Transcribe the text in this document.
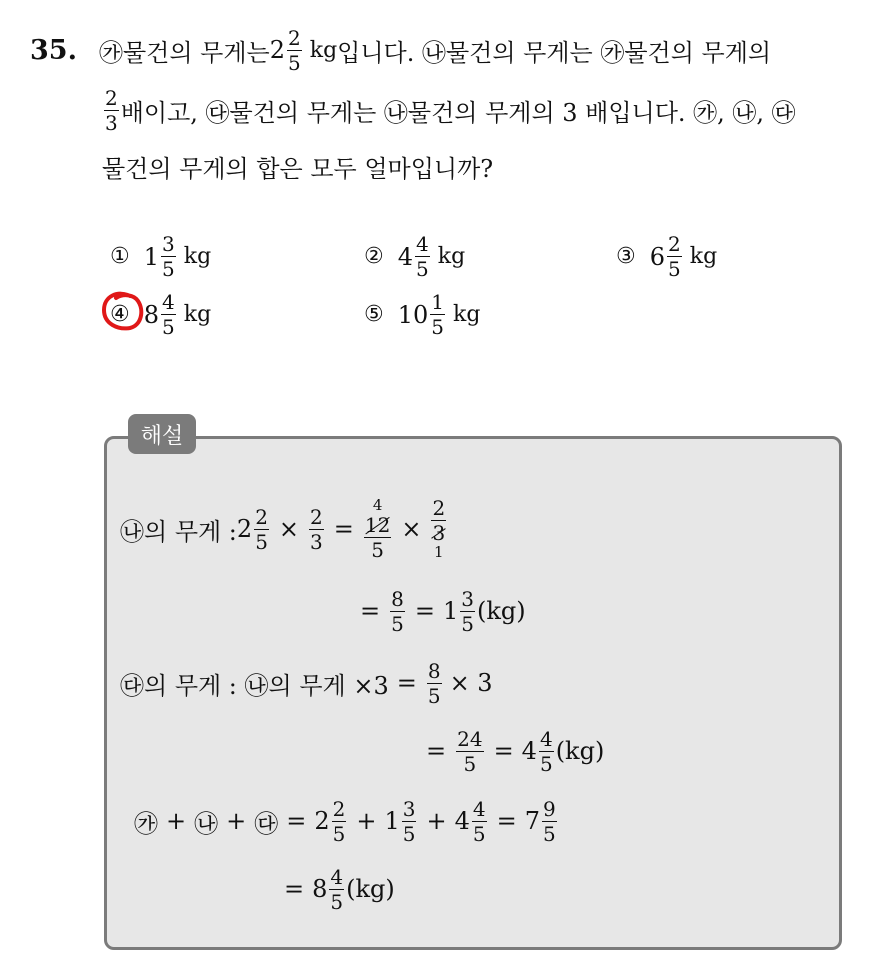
35. ㉮물건의 무게는 $2 \frac{2}{5}$ kg 입니다. ㉯물건의 무게는 ㉮물건의 무게의
$\frac{2}{3}$ 배이고, ㉰물건의 무게는 ㉯물건의 무게의 3 배입니다. ㉮, ㉯, ㉰
물건의 무게의 합은 모두 얼마입니까?
① $1 \frac{3}{5}$ kg	② $4 \frac{4}{5}$ kg	③ $6 \frac{2}{5}$ kg
④ $8 \frac{4}{5}$ kg	⑤ $10 \frac{1}{5}$ kg
해설
㉯의 무게 : $2 \frac{2}{5} \times \frac{2}{3}$ =
4
12
5
×
2
3
1
= $\frac{8}{5} = 1 \frac{3}{5} (kg)$
㉰의 무게 : ㉯의 무게 $\times 3 = \frac{8}{5} \times 3$
= $\frac{24}{5} = 4 \frac{4}{5} (kg)$
㉮ + ㉯ + ㉰ = $2 \frac{2}{5} + 1 \frac{3}{5} + 4 \frac{4}{5} = 7 \frac{9}{5}$
= $8 \frac{4}{5} (kg)$
